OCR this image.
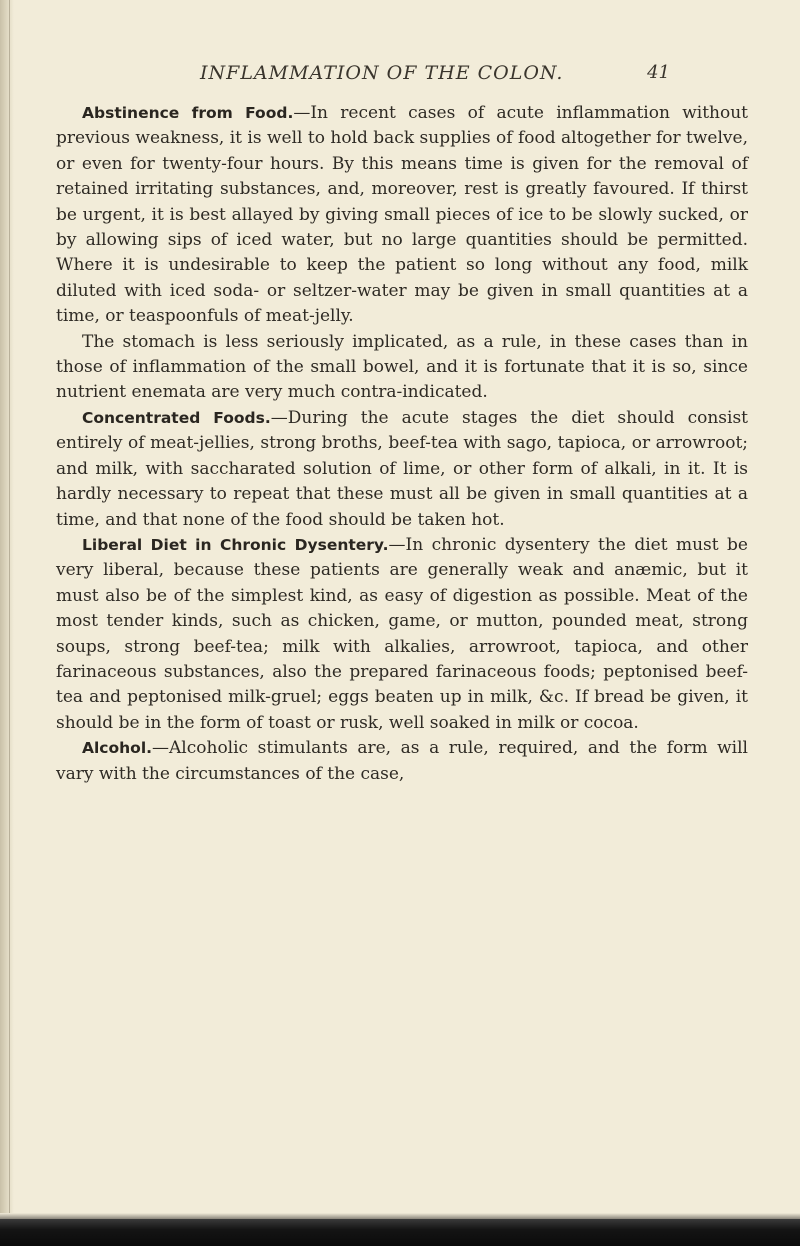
INFLAMMATION OF THE COLON.	41

Abstinence from Food.—In recent cases of acute inflammation without previous weakness, it is well to hold back supplies of food altogether for twelve, or even for twenty-four hours. By this means time is given for the removal of retained irritating substances, and, moreover, rest is greatly favoured. If thirst be urgent, it is best allayed by giving small pieces of ice to be slowly sucked, or by allowing sips of iced water, but no large quantities should be permitted. Where it is undesirable to keep the patient so long without any food, milk diluted with iced soda- or seltzer-water may be given in small quantities at a time, or teaspoonfuls of meat-jelly.

The stomach is less seriously implicated, as a rule, in these cases than in those of inflammation of the small bowel, and it is fortunate that it is so, since nutrient enemata are very much contra-indicated.

Concentrated Foods.—During the acute stages the diet should consist entirely of meat-jellies, strong broths, beef-tea with sago, tapioca, or arrowroot; and milk, with saccharated solution of lime, or other form of alkali, in it. It is hardly necessary to repeat that these must all be given in small quantities at a time, and that none of the food should be taken hot.

Liberal Diet in Chronic Dysentery.—In chronic dysentery the diet must be very liberal, because these patients are generally weak and anæmic, but it must also be of the simplest kind, as easy of digestion as possible. Meat of the most tender kinds, such as chicken, game, or mutton, pounded meat, strong soups, strong beef-tea; milk with alkalies, arrowroot, tapioca, and other farinaceous substances, also the prepared farinaceous foods; peptonised beef-tea and peptonised milk-gruel; eggs beaten up in milk, &c. If bread be given, it should be in the form of toast or rusk, well soaked in milk or cocoa.

Alcohol.—Alcoholic stimulants are, as a rule, required, and the form will vary with the circumstances of the case,
